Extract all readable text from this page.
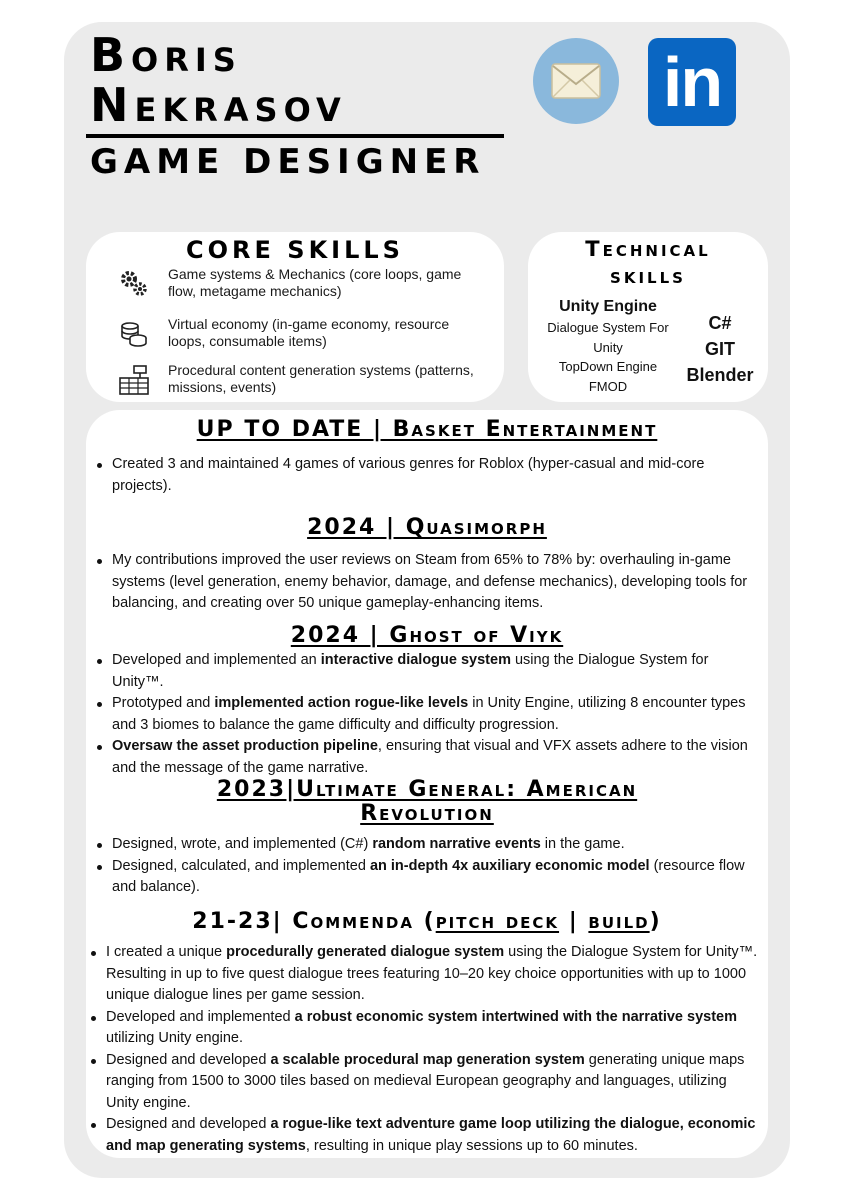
Boris
Nekrasov
GAME DESIGNER
in
CORE SKILLS
Game systems & Mechanics (core loops, game flow, metagame mechanics)
Virtual economy (in-game economy, resource loops, consumable items)
Procedural content generation systems (patterns, missions, events)
Technical
skills
Unity Engine
Dialogue System For Unity
TopDown Engine
FMOD
C#
GIT
Blender
UP TO DATE | Basket Entertainment
Created 3 and maintained 4 games of various genres for Roblox (hyper-casual and mid-core projects).
2024 | Quasimorph
My contributions improved the user reviews on Steam from 65% to 78% by: overhauling in-game systems (level generation, enemy behavior, damage, and defense mechanics), developing tools for balancing, and creating over 50 unique gameplay-enhancing items.
2024 | Ghost of Viyk
Developed and implemented an interactive dialogue system using the Dialogue System for Unity™.
Prototyped and implemented action rogue-like levels in Unity Engine, utilizing 8 encounter types and 3 biomes to balance the game difficulty and difficulty progression.
Oversaw the asset production pipeline, ensuring that visual and VFX assets adhere to the vision and the message of the game narrative.
2023|Ultimate General: American
Revolution
Designed, wrote, and implemented (C#) random narrative events in the game.
Designed, calculated, and implemented an in-depth 4x auxiliary economic model (resource flow and balance).
21-23| Commenda (pitch deck | build)
I created a unique procedurally generated dialogue system using the Dialogue System for Unity™. Resulting in up to five quest dialogue trees featuring 10–20 key choice opportunities with up to 1000 unique dialogue lines per game session.
Developed and implemented a robust economic system intertwined with the narrative system utilizing Unity engine.
Designed and developed a scalable procedural map generation system generating unique maps ranging from 1500 to 3000 tiles based on medieval European geography and languages, utilizing Unity engine.
Designed and developed a rogue-like text adventure game loop utilizing the dialogue, economic and map generating systems, resulting in unique play sessions up to 60 minutes.
